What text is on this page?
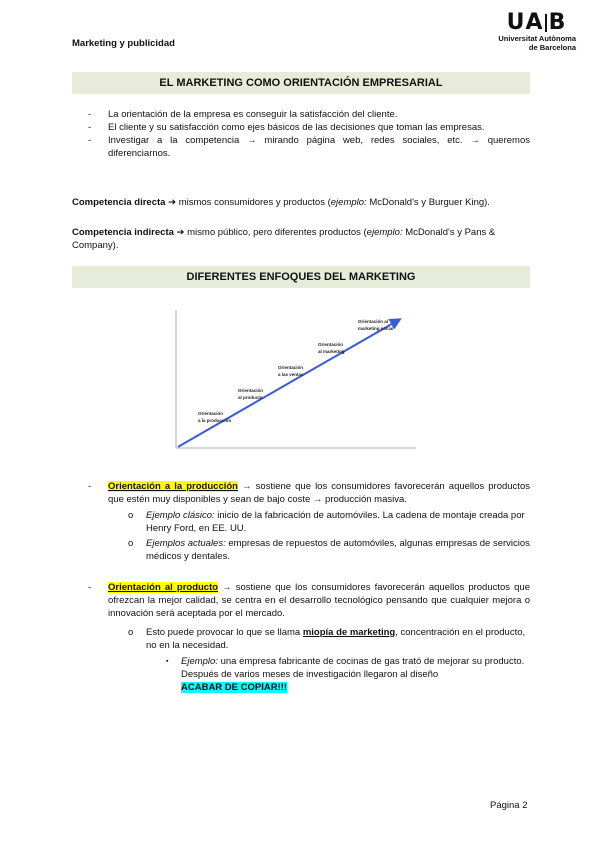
Marketing y publicidad
U A B
Universitat Autònoma
de Barcelona
EL MARKETING COMO ORIENTACIÓN EMPRESARIAL
-	La orientación de la empresa es conseguir la satisfacción del cliente.
-	El cliente y su satisfacción como ejes básicos de las decisiones que toman las empresas.
-	Investigar a la competencia → mirando página web, redes sociales, etc. → queremos diferenciarnos.
Competencia directa ➔ mismos consumidores y productos (ejemplo: McDonald's y Burguer King).
Competencia indirecta ➔ mismo público, pero diferentes productos (ejemplo: McDonald's y Pans & Company).
DIFERENTES ENFOQUES DEL MARKETING
Orientación a la producción
Orientación al producto
Orientación a las ventas
Orientación al marketing
Orientación al marketing social
-	Orientación a la producción → sostiene que los consumidores favorecerán aquellos productos que estén muy disponibles y sean de bajo coste → producción masiva.
o	Ejemplo clásico: inicio de la fabricación de automóviles. La cadena de montaje creada por Henry Ford, en EE. UU.
o	Ejemplos actuales: empresas de repuestos de automóviles, algunas empresas de servicios médicos y dentales.
-	Orientación al producto → sostiene que los consumidores favorecerán aquellos productos que ofrezcan la mejor calidad, se centra en el desarrollo tecnológico pensando que cualquier mejora o innovación será aceptada por el mercado.
o	Esto puede provocar lo que se llama miopía de marketing, concentración en el producto, no en la necesidad.
▪	Ejemplo: una empresa fabricante de cocinas de gas trató de mejorar su producto. Después de varios meses de investigación llegaron al diseño
ACABAR DE COPIAR!!!
Página 2
